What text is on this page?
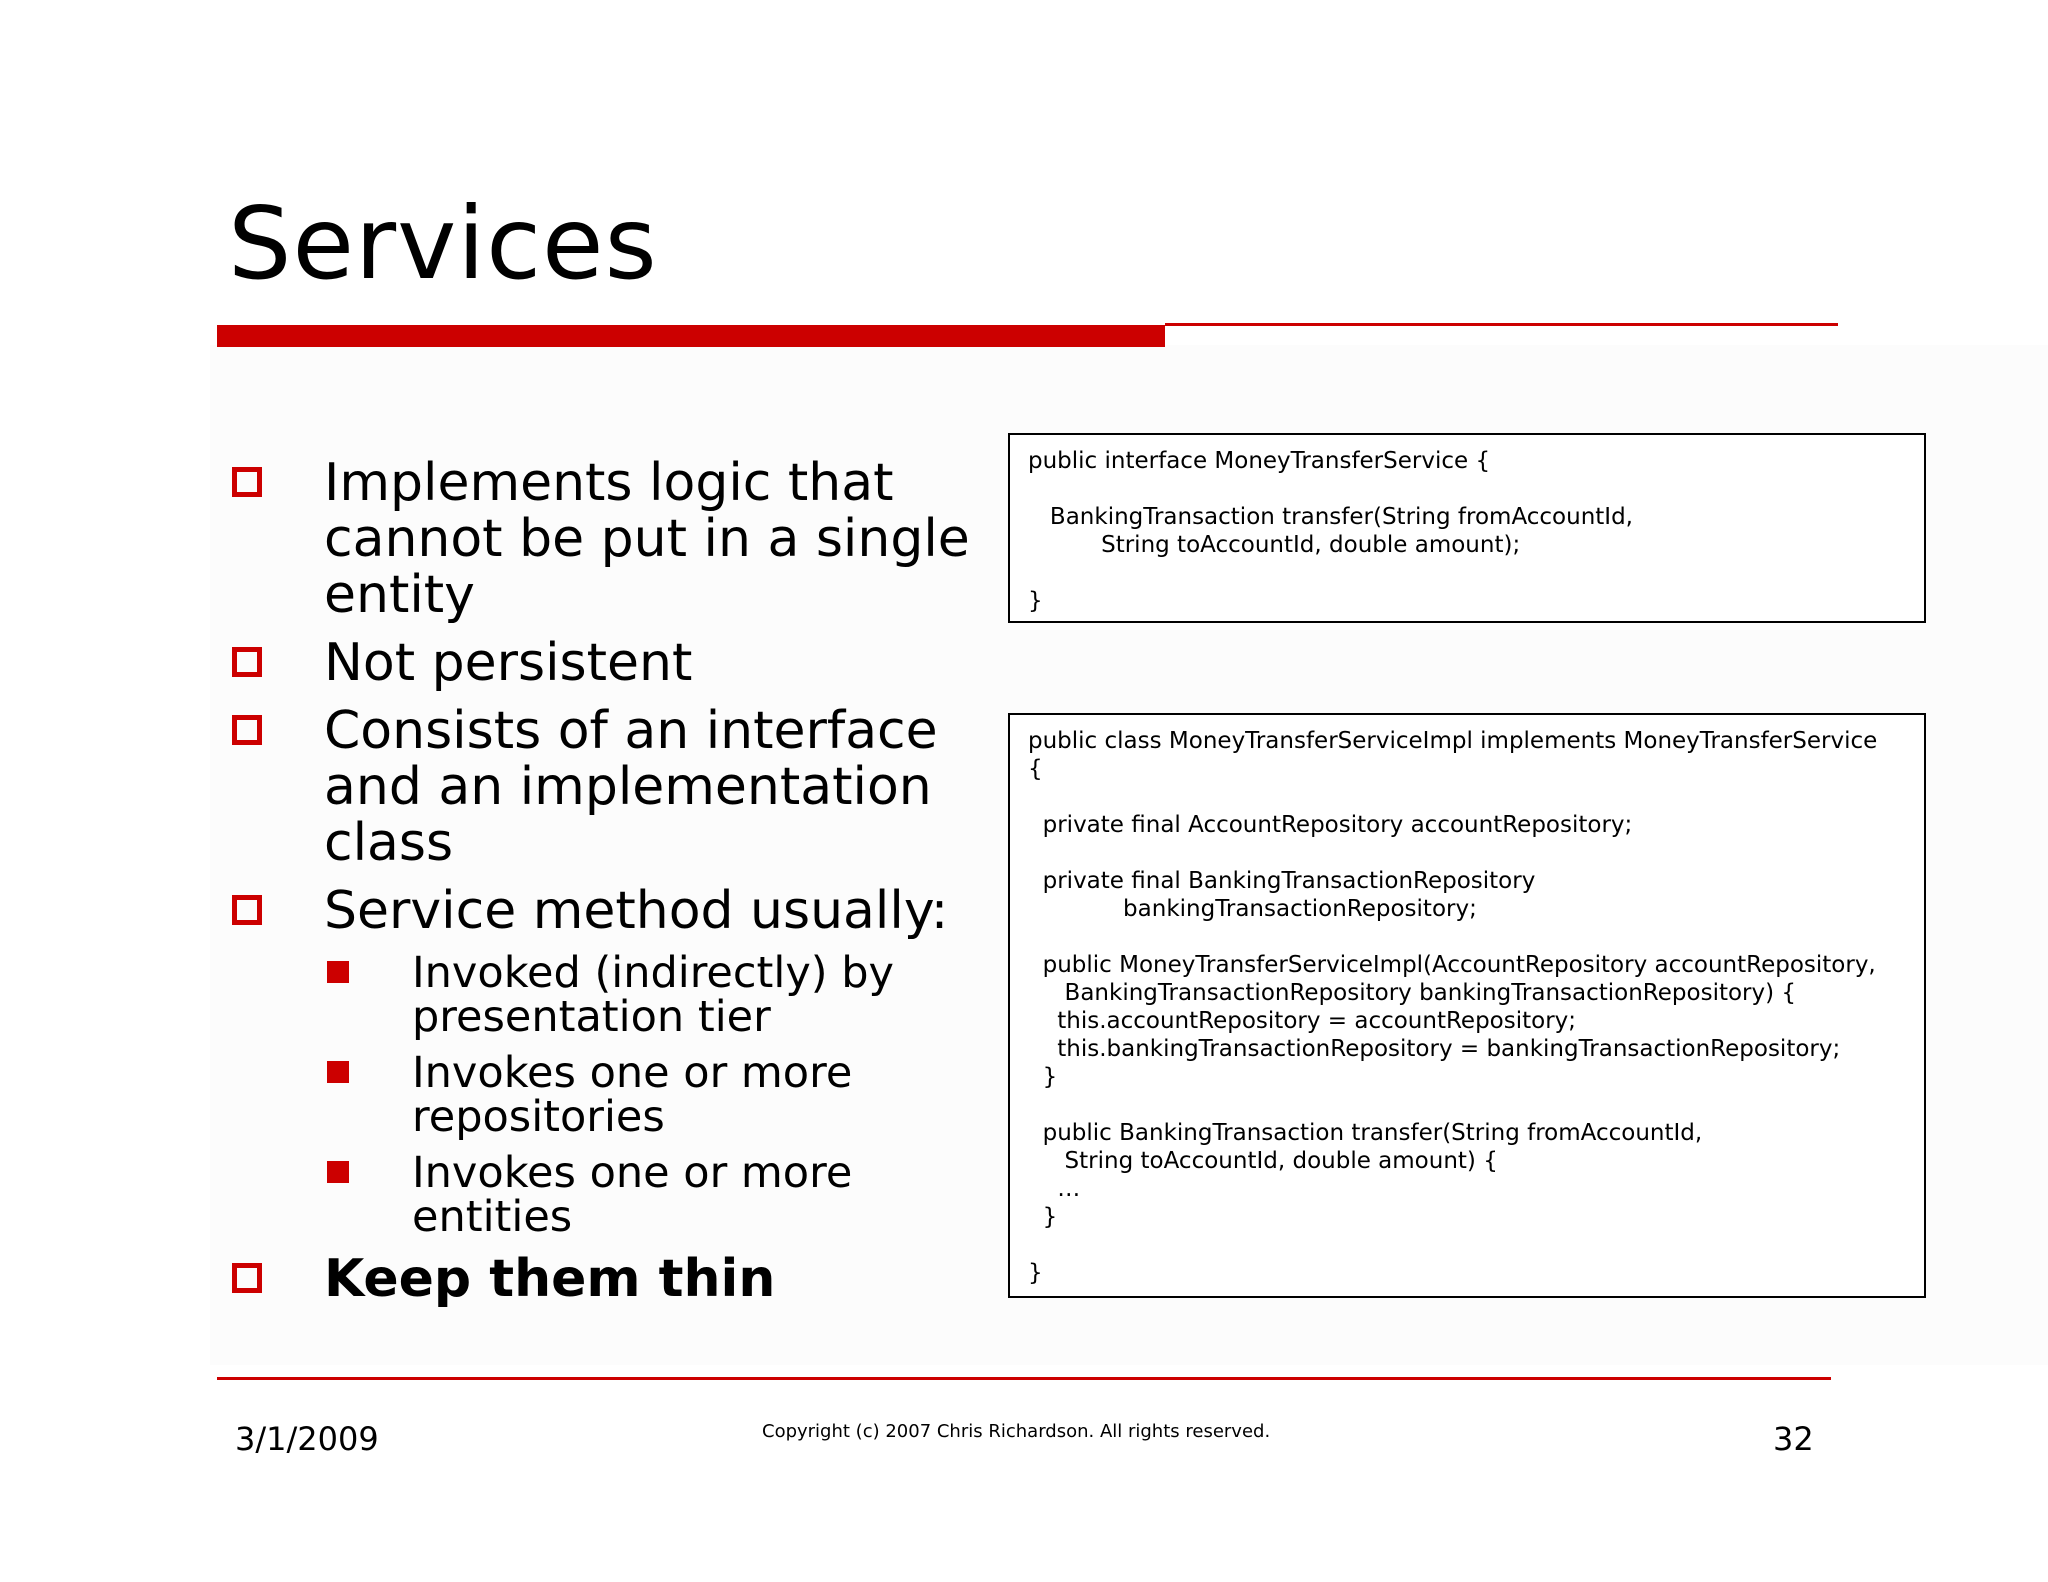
Services
Implements logic that cannot be put in a single entity
Not persistent
Consists of an interface and an implementation class
Service method usually:
Invoked (indirectly) by presentation tier
Invokes one or more repositories
Invokes one or more entities
Keep them thin
public interface MoneyTransferService {

BankingTransaction transfer(String fromAccountId,
String toAccountId, double amount);

}
public class MoneyTransferServiceImpl implements MoneyTransferService
{

private final AccountRepository accountRepository;

private final BankingTransactionRepository
bankingTransactionRepository;

public MoneyTransferServiceImpl(AccountRepository accountRepository,
BankingTransactionRepository bankingTransactionRepository) {
this.accountRepository = accountRepository;
this.bankingTransactionRepository = bankingTransactionRepository;
}

public BankingTransaction transfer(String fromAccountId,
String toAccountId, double amount) {
…
}

}
3/1/2009	Copyright (c) 2007 Chris Richardson. All rights reserved.	32
